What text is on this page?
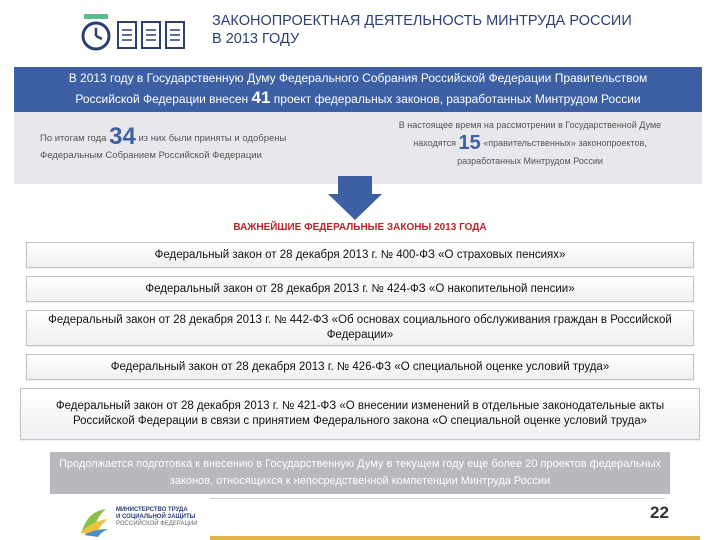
ЗАКОНОПРОЕКТНАЯ ДЕЯТЕЛЬНОСТЬ МИНТРУДА РОССИИ
В 2013 ГОДУ
В 2013 году в Государственную Думу Федерального Собрания Российской Федерации Правительством
Российской Федерации внесен 41 проект федеральных законов, разработанных Минтрудом России
По итогам года 34 из них были приняты и одобрены
Федеральным Собранием Российской Федерации
В настоящее время на рассмотрении в Государственной Думе
находятся 15 «правительственных» законопроектов,
разработанных Минтрудом России
ВАЖНЕЙШИЕ ФЕДЕРАЛЬНЫЕ ЗАКОНЫ 2013 ГОДА
Федеральный закон от 28 декабря 2013 г. № 400-ФЗ «О страховых пенсиях»
Федеральный закон от 28 декабря 2013 г. № 424-ФЗ «О накопительной пенсии»
Федеральный закон от 28 декабря 2013 г. № 442-ФЗ «Об основах социального обслуживания граждан в Российской Федерации»
Федеральный закон от 28 декабря 2013 г. № 426-ФЗ «О специальной оценке условий труда»
Федеральный закон от 28 декабря 2013 г. № 421-ФЗ «О внесении изменений в отдельные законодательные акты Российской Федерации в связи с принятием Федерального закона «О специальной оценке условий труда»
Продолжается подготовка к внесению в Государственную Думу в текущем году еще более 20 проектов федеральных законов, относящихся к непосредственной компетенции Минтруда России
МИНИСТЕРСТВО ТРУДА
И СОЦИАЛЬНОЙ ЗАЩИТЫ
РОССИЙСКОЙ ФЕДЕРАЦИИ
22
